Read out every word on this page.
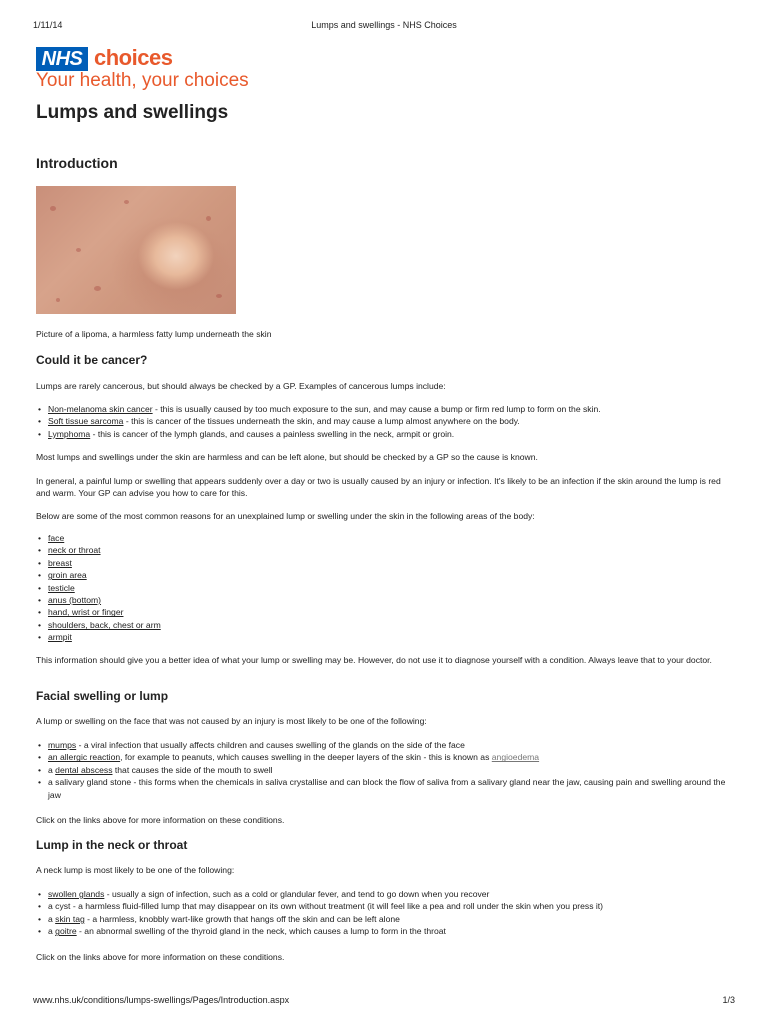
1/11/14	Lumps and swellings - NHS Choices
NHS choices
Your health, your choices
Lumps and swellings
Introduction

Picture of a lipoma, a harmless fatty lump underneath the skin

Could it be cancer?

Lumps are rarely cancerous, but should always be checked by a GP. Examples of cancerous lumps include:

• Non-melanoma skin cancer - this is usually caused by too much exposure to the sun, and may cause a bump or firm red lump to form on the skin.
• Soft tissue sarcoma - this is cancer of the tissues underneath the skin, and may cause a lump almost anywhere on the body.
• Lymphoma - this is cancer of the lymph glands, and causes a painless swelling in the neck, armpit or groin.

Most lumps and swellings under the skin are harmless and can be left alone, but should be checked by a GP so the cause is known.

In general, a painful lump or swelling that appears suddenly over a day or two is usually caused by an injury or infection. It's likely to be an infection if the skin around the lump is red and warm. Your GP can advise you how to care for this.

Below are some of the most common reasons for an unexplained lump or swelling under the skin in the following areas of the body:

• face
• neck or throat
• breast
• groin area
• testicle
• anus (bottom)
• hand, wrist or finger
• shoulders, back, chest or arm
• armpit

This information should give you a better idea of what your lump or swelling may be. However, do not use it to diagnose yourself with a condition. Always leave that to your doctor.

Facial swelling or lump

A lump or swelling on the face that was not caused by an injury is most likely to be one of the following:

• mumps - a viral infection that usually affects children and causes swelling of the glands on the side of the face
• an allergic reaction, for example to peanuts, which causes swelling in the deeper layers of the skin - this is known as angioedema
• a dental abscess that causes the side of the mouth to swell
• a salivary gland stone - this forms when the chemicals in saliva crystallise and can block the flow of saliva from a salivary gland near the jaw, causing pain and swelling around the jaw

Click on the links above for more information on these conditions.

Lump in the neck or throat

A neck lump is most likely to be one of the following:

• swollen glands - usually a sign of infection, such as a cold or glandular fever, and tend to go down when you recover
• a cyst - a harmless fluid-filled lump that may disappear on its own without treatment (it will feel like a pea and roll under the skin when you press it)
• a skin tag - a harmless, knobbly wart-like growth that hangs off the skin and can be left alone
• a goitre - an abnormal swelling of the thyroid gland in the neck, which causes a lump to form in the throat

Click on the links above for more information on these conditions.

www.nhs.uk/conditions/lumps-swellings/Pages/Introduction.aspx	1/3
